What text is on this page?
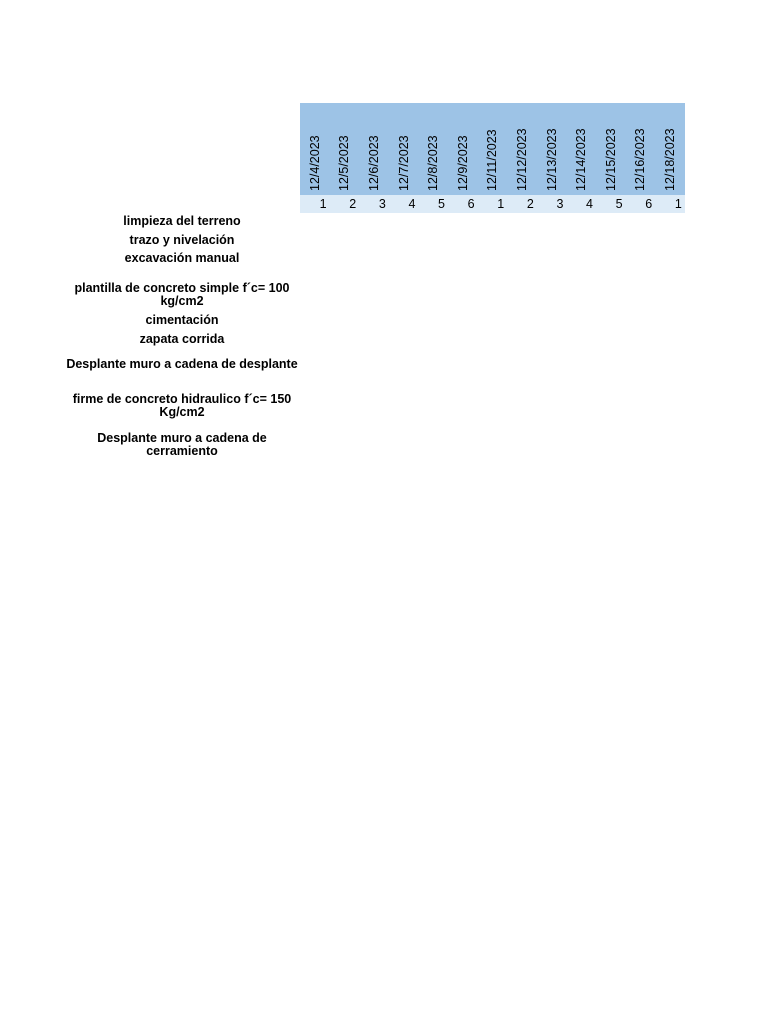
12/4/2023 12/5/2023 12/6/2023 12/7/2023 12/8/2023 12/9/2023 12/11/2023 12/12/2023 12/13/2023 12/14/2023 12/15/2023 12/16/2023 12/18/2023
1	2	3	4	5	6	1	2	3	4	5	6	1
limpieza del terreno
trazo y nivelación
excavación manual
plantilla de concreto simple f´c= 100 kg/cm2
cimentación
zapata corrida
Desplante muro a cadena de desplante
firme de concreto hidraulico f´c= 150 Kg/cm2
Desplante muro a cadena de cerramiento
